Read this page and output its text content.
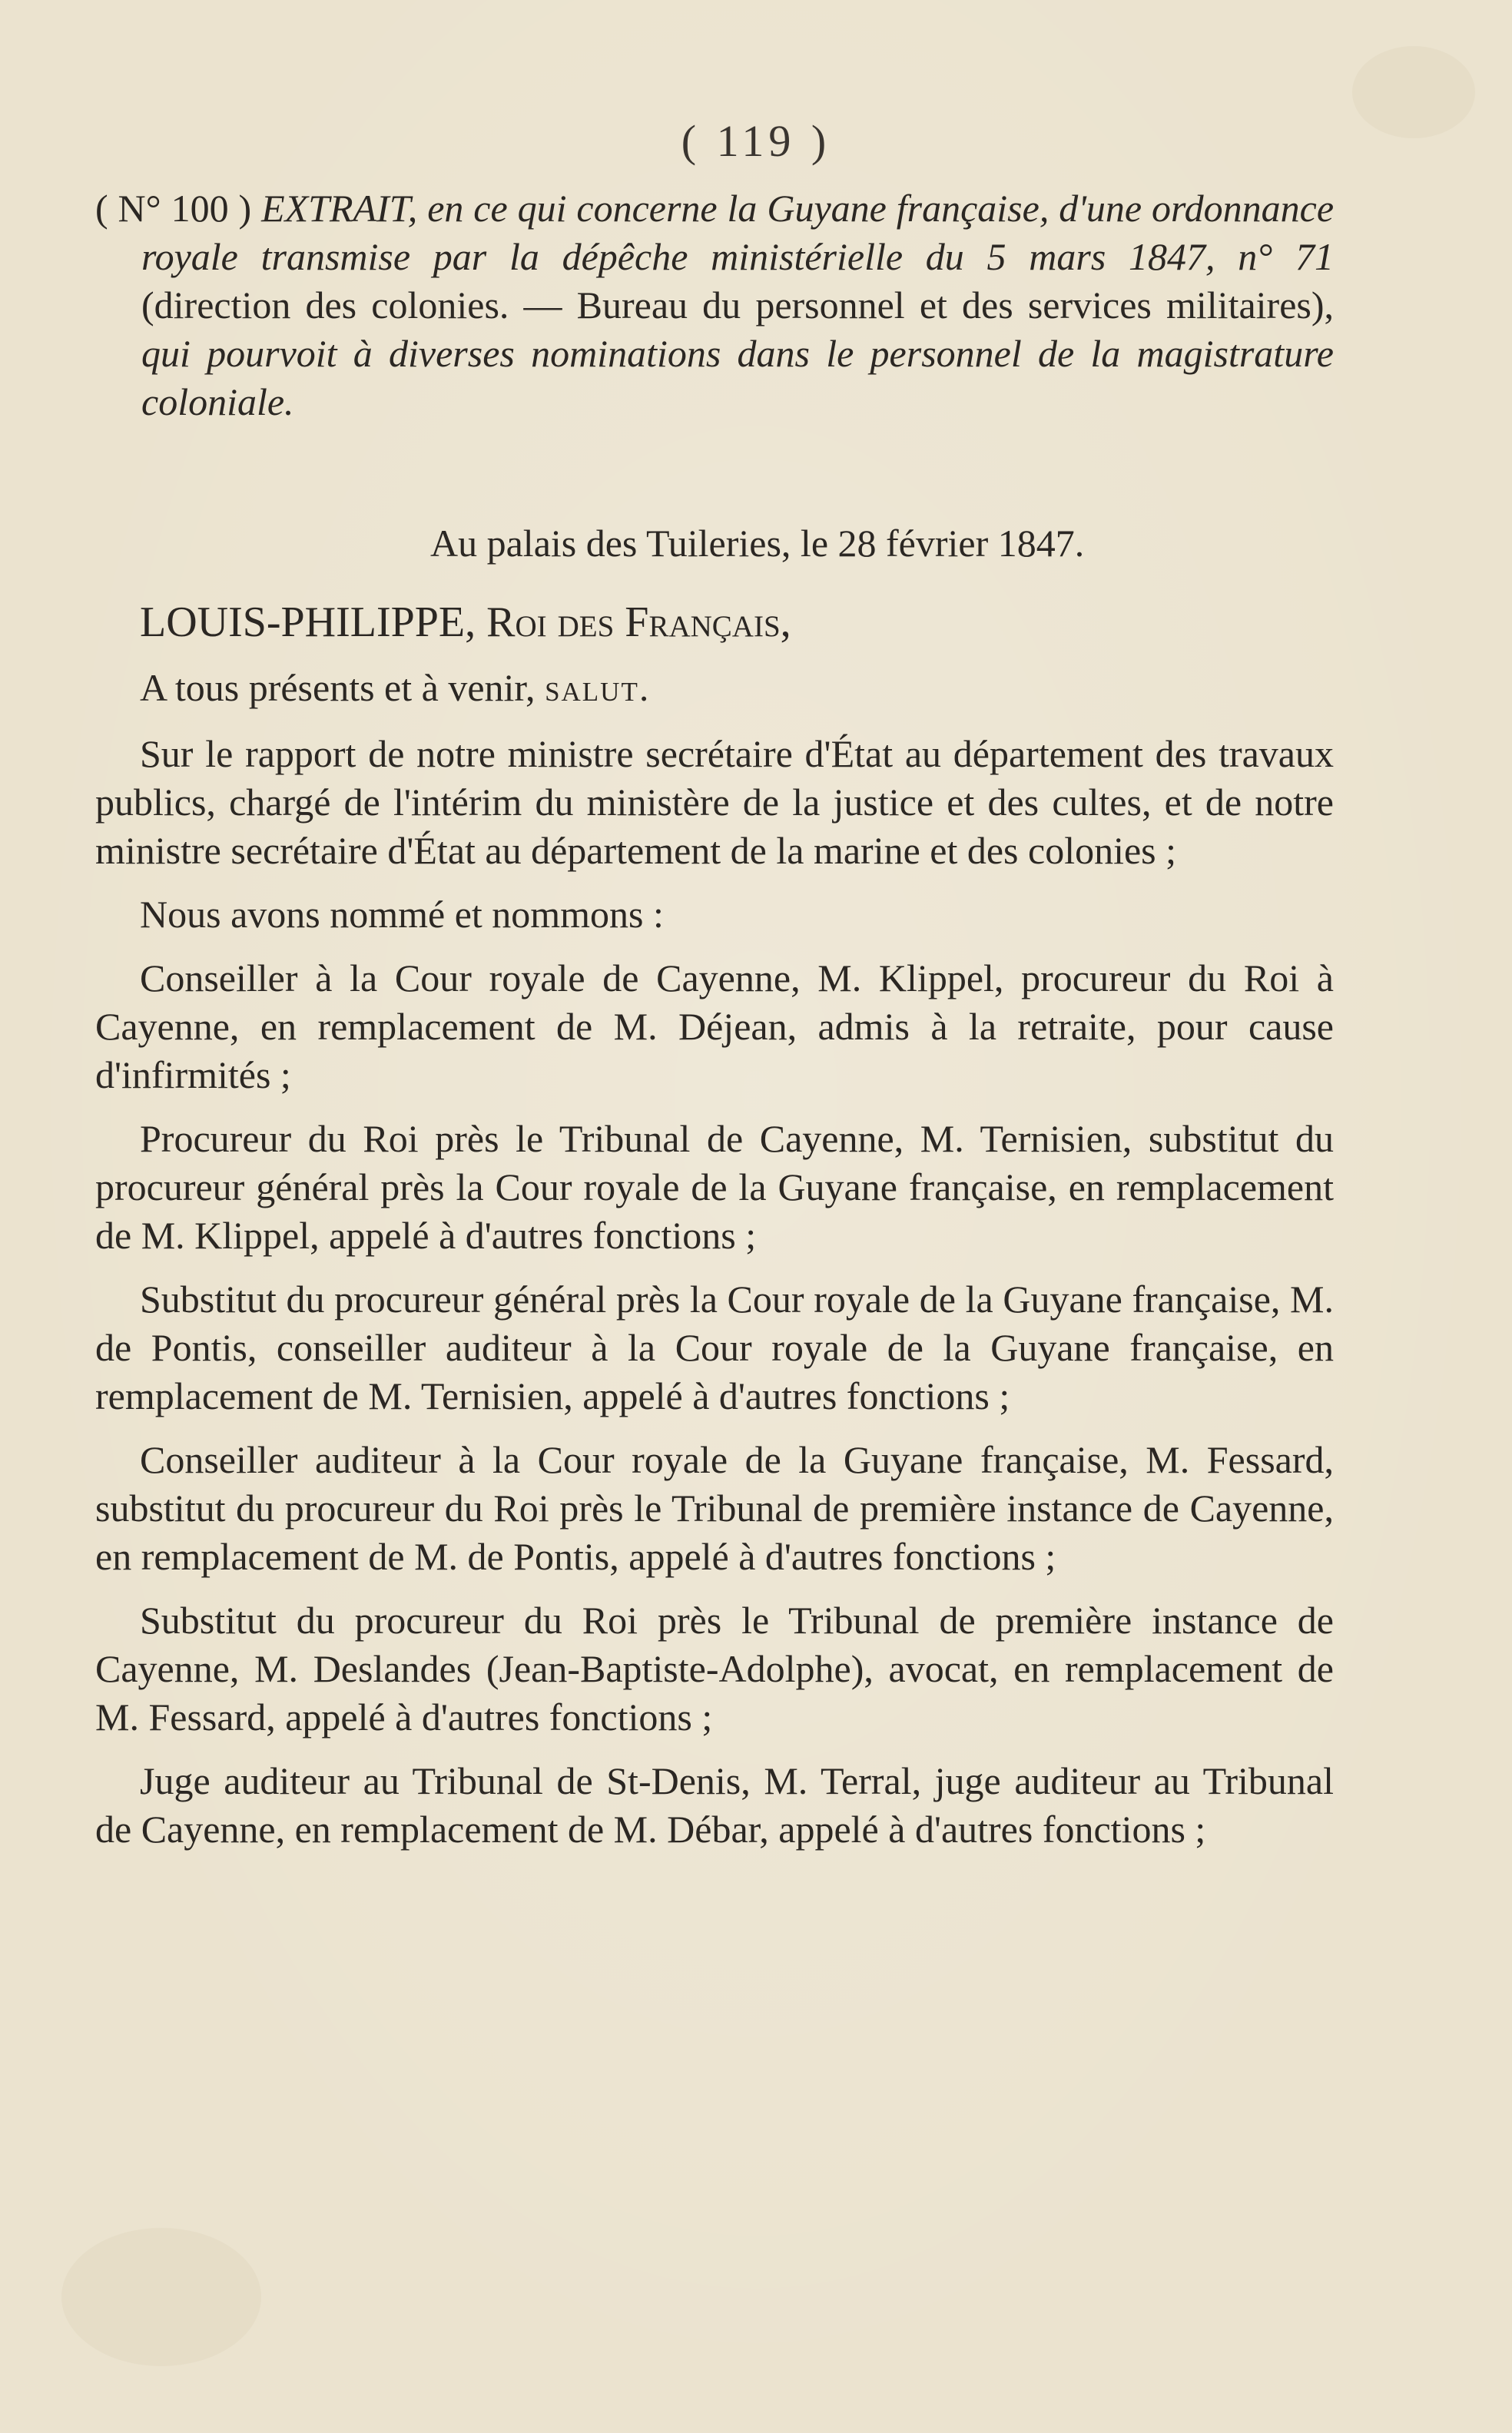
( 119 )
( N° 100 ) EXTRAIT, en ce qui concerne la Guyane française, d'une ordonnance royale transmise par la dépêche ministérielle du 5 mars 1847, n° 71 (direction des colonies. — Bureau du personnel et des services militaires), qui pourvoit à diverses nominations dans le personnel de la magistrature coloniale.
Au palais des Tuileries, le 28 février 1847.
LOUIS-PHILIPPE, Roi des Français,
A tous présents et à venir, salut.

Sur le rapport de notre ministre secrétaire d'État au département des travaux publics, chargé de l'intérim du ministère de la justice et des cultes, et de notre ministre secrétaire d'État au département de la marine et des colonies ;

Nous avons nommé et nommons :

Conseiller à la Cour royale de Cayenne, M. Klippel, procureur du Roi à Cayenne, en remplacement de M. Déjean, admis à la retraite, pour cause d'infirmités ;

Procureur du Roi près le Tribunal de Cayenne, M. Ternisien, substitut du procureur général près la Cour royale de la Guyane française, en remplacement de M. Klippel, appelé à d'autres fonctions ;

Substitut du procureur général près la Cour royale de la Guyane française, M. de Pontis, conseiller auditeur à la Cour royale de la Guyane française, en remplacement de M. Ternisien, appelé à d'autres fonctions ;

Conseiller auditeur à la Cour royale de la Guyane française, M. Fessard, substitut du procureur du Roi près le Tribunal de première instance de Cayenne, en remplacement de M. de Pontis, appelé à d'autres fonctions ;

Substitut du procureur du Roi près le Tribunal de première instance de Cayenne, M. Deslandes (Jean-Baptiste-Adolphe), avocat, en remplacement de M. Fessard, appelé à d'autres fonctions ;

Juge auditeur au Tribunal de St-Denis, M. Terral, juge auditeur au Tribunal de Cayenne, en remplacement de M. Débar, appelé à d'autres fonctions ;
